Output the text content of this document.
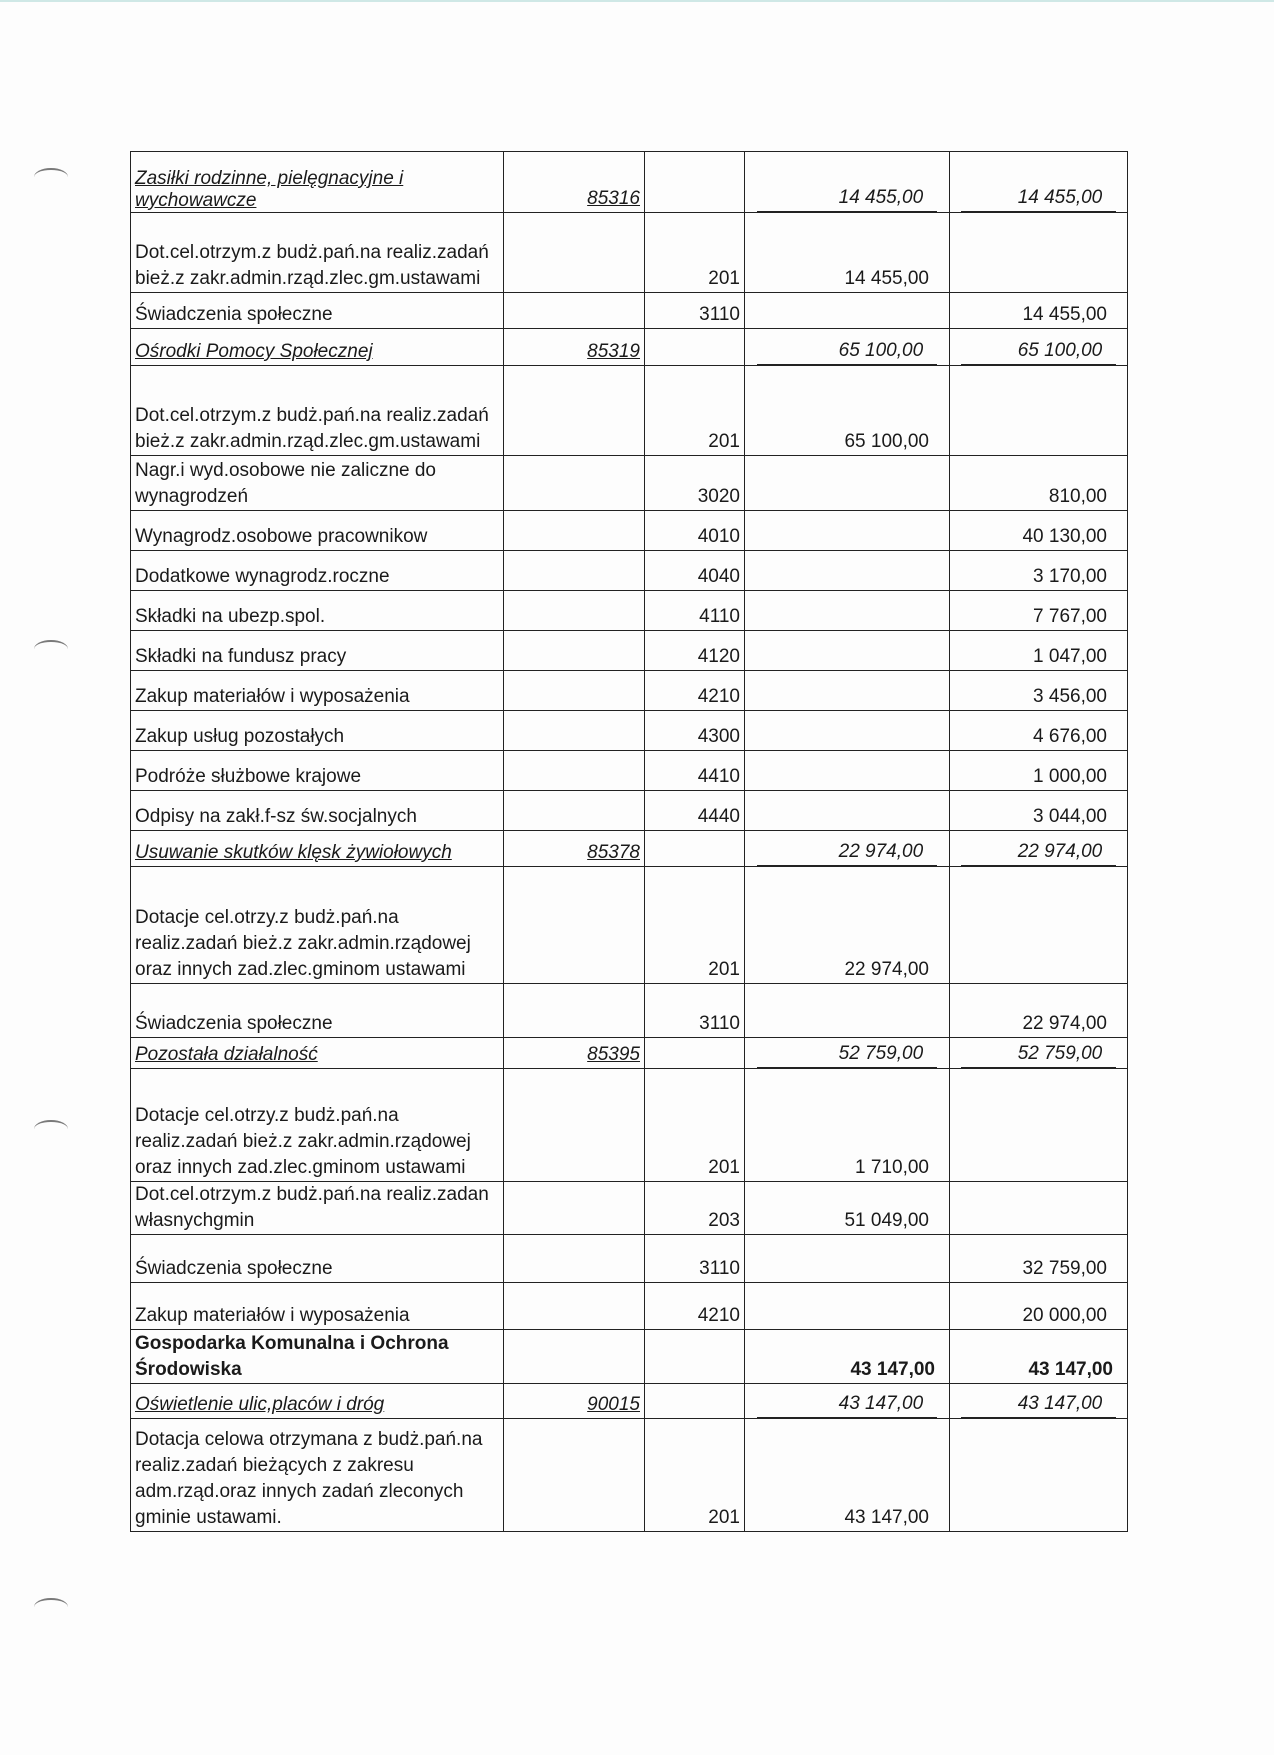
Zasiłki rodzinne, pielęgnacyjne i wychowawcze	85316		14 455,00	14 455,00
Dot.cel.otrzym.z budż.pań.na realiz.zadań bież.z zakr.admin.rząd.zlec.gm.ustawami		201	14 455,00	
Świadczenia społeczne		3110		14 455,00
Ośrodki Pomocy Społecznej	85319		65 100,00	65 100,00
Dot.cel.otrzym.z budż.pań.na realiz.zadań bież.z zakr.admin.rząd.zlec.gm.ustawami		201	65 100,00	
Nagr.i wyd.osobowe nie zaliczne do wynagrodzeń		3020		810,00
Wynagrodz.osobowe pracownikow		4010		40 130,00
Dodatkowe wynagrodz.roczne		4040		3 170,00
Składki na ubezp.spol.		4110		7 767,00
Składki na fundusz pracy		4120		1 047,00
Zakup materiałów i wyposażenia		4210		3 456,00
Zakup usług pozostałych		4300		4 676,00
Podróże służbowe krajowe		4410		1 000,00
Odpisy na zakł.f-sz św.socjalnych		4440		3 044,00
Usuwanie skutków klęsk żywiołowych	85378		22 974,00	22 974,00
Dotacje cel.otrzy.z budż.pań.na realiz.zadań bież.z zakr.admin.rządowej oraz innych zad.zlec.gminom ustawami		201	22 974,00	
Świadczenia społeczne		3110		22 974,00
Pozostała działalność	85395		52 759,00	52 759,00
Dotacje cel.otrzy.z budż.pań.na realiz.zadań bież.z zakr.admin.rządowej oraz innych zad.zlec.gminom ustawami		201	1 710,00	
Dot.cel.otrzym.z budż.pań.na realiz.zadan własnychgmin		203	51 049,00	
Świadczenia społeczne		3110		32 759,00
Zakup materiałów i wyposażenia		4210		20 000,00
Gospodarka Komunalna i Ochrona Środowiska			43 147,00	43 147,00
Oświetlenie ulic,placów i dróg	90015		43 147,00	43 147,00
Dotacja celowa otrzymana z budż.pań.na realiz.zadań bieżących z zakresu adm.rząd.oraz innych zadań zleconych gminie ustawami.		201	43 147,00	
